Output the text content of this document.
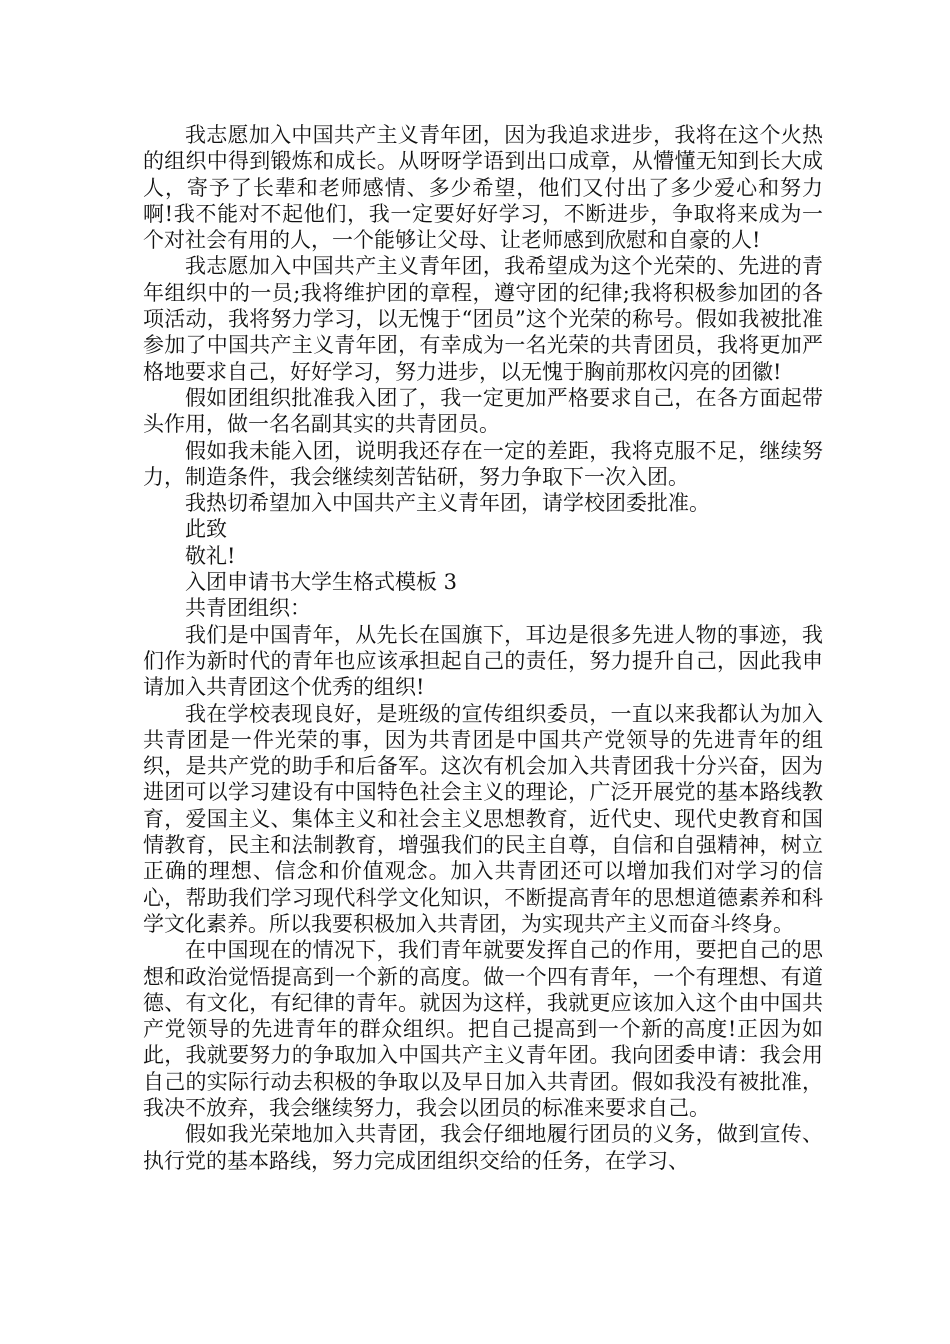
我志愿加入中国共产主义青年团，因为我追求进步，我将在这个火热的组织中得到锻炼和成长。从呀呀学语到出口成章，从懵懂无知到长大成人，寄予了长辈和老师感情、多少希望，他们又付出了多少爱心和努力啊!我不能对不起他们，我一定要好好学习，不断进步，争取将来成为一个对社会有用的人，一个能够让父母、让老师感到欣慰和自豪的人!

我志愿加入中国共产主义青年团，我希望成为这个光荣的、先进的青年组织中的一员;我将维护团的章程，遵守团的纪律;我将积极参加团的各项活动，我将努力学习，以无愧于“团员”这个光荣的称号。假如我被批准参加了中国共产主义青年团，有幸成为一名光荣的共青团员，我将更加严格地要求自己，好好学习，努力进步，以无愧于胸前那枚闪亮的团徽!

假如团组织批准我入团了，我一定更加严格要求自己，在各方面起带头作用，做一名名副其实的共青团员。

假如我未能入团，说明我还存在一定的差距，我将克服不足，继续努力，制造条件，我会继续刻苦钻研，努力争取下一次入团。

我热切希望加入中国共产主义青年团，请学校团委批准。

此致

敬礼!

入团申请书大学生格式模板 3

共青团组织：

我们是中国青年，从先长在国旗下，耳边是很多先进人物的事迹，我们作为新时代的青年也应该承担起自己的责任，努力提升自己，因此我申请加入共青团这个优秀的组织!

我在学校表现良好，是班级的宣传组织委员，一直以来我都认为加入共青团是一件光荣的事，因为共青团是中国共产党领导的先进青年的组织，是共产党的助手和后备军。这次有机会加入共青团我十分兴奋，因为进团可以学习建设有中国特色社会主义的理论，广泛开展党的基本路线教育，爱国主义、集体主义和社会主义思想教育，近代史、现代史教育和国情教育，民主和法制教育，增强我们的民主自尊，自信和自强精神，树立正确的理想、信念和价值观念。加入共青团还可以增加我们对学习的信心，帮助我们学习现代科学文化知识，不断提高青年的思想道德素养和科学文化素养。所以我要积极加入共青团，为实现共产主义而奋斗终身。

在中国现在的情况下，我们青年就要发挥自己的作用，要把自己的思想和政治觉悟提高到一个新的高度。做一个四有青年，一个有理想、有道德、有文化，有纪律的青年。就因为这样，我就更应该加入这个由中国共产党领导的先进青年的群众组织。把自己提高到一个新的高度!正因为如此，我就要努力的争取加入中国共产主义青年团。我向团委申请：我会用自己的实际行动去积极的争取以及早日加入共青团。假如我没有被批准，我决不放弃，我会继续努力，我会以团员的标准来要求自己。

假如我光荣地加入共青团，我会仔细地履行团员的义务，做到宣传、执行党的基本路线，努力完成团组织交给的任务，在学习、
